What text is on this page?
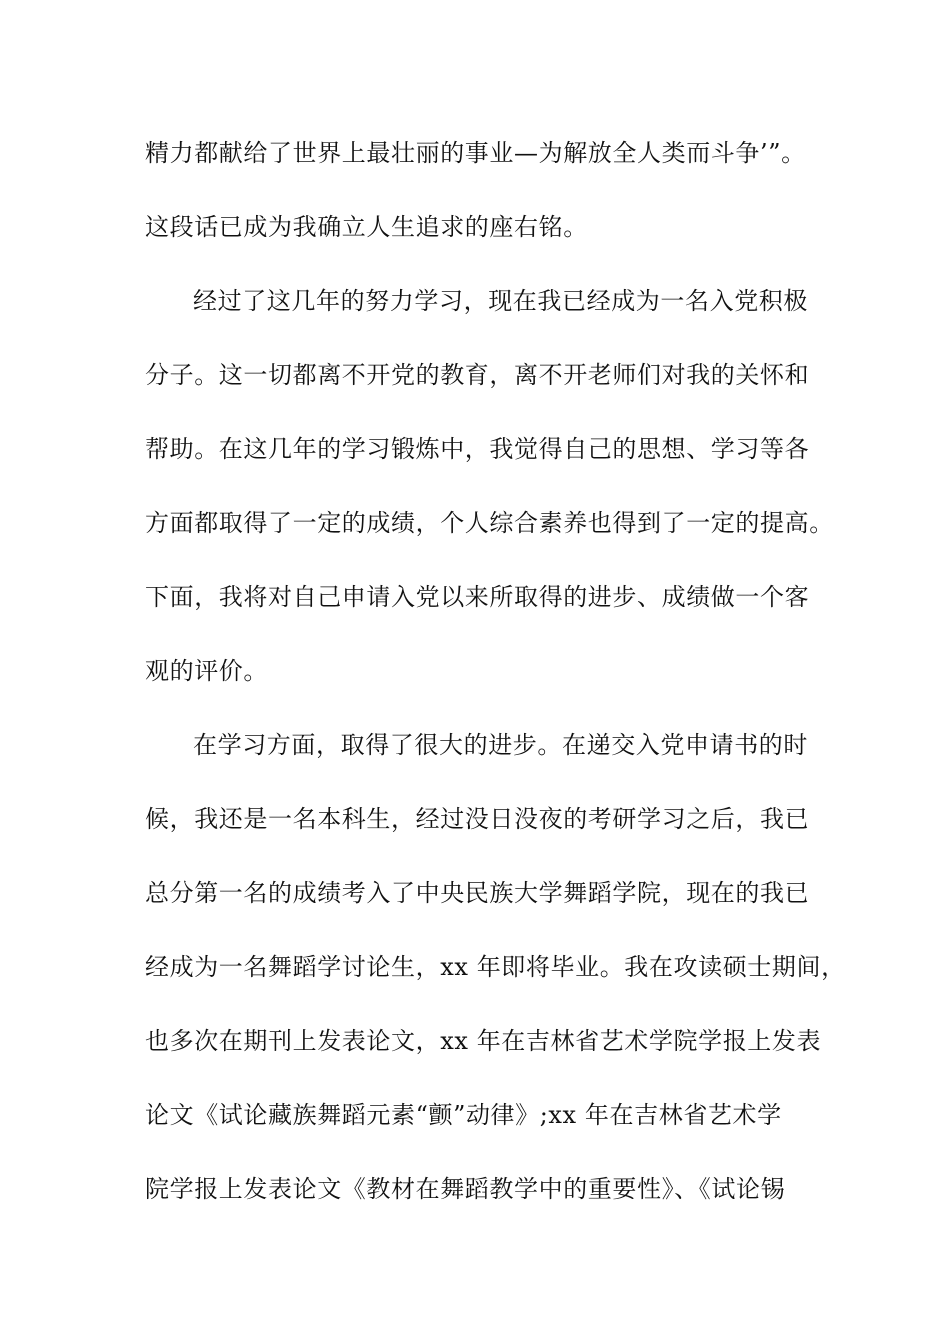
精力都献给了世界上最壮丽的事业—为解放全人类而斗争’”。
这段话已成为我确立人生追求的座右铭。
经过了这几年的努力学习，现在我已经成为一名入党积极
分子。这一切都离不开党的教育，离不开老师们对我的关怀和
帮助。在这几年的学习锻炼中，我觉得自己的思想、学习等各
方面都取得了一定的成绩，个人综合素养也得到了一定的提高。
下面，我将对自己申请入党以来所取得的进步、成绩做一个客
观的评价。
在学习方面，取得了很大的进步。在递交入党申请书的时
候，我还是一名本科生，经过没日没夜的考研学习之后，我已
总分第一名的成绩考入了中央民族大学舞蹈学院，现在的我已
经成为一名舞蹈学讨论生，xx 年即将毕业。我在攻读硕士期间，
也多次在期刊上发表论文，xx 年在吉林省艺术学院学报上发表
论文《试论藏族舞蹈元素“颤”动律》;xx 年在吉林省艺术学
院学报上发表论文《教材在舞蹈教学中的重要性》、《试论锡
